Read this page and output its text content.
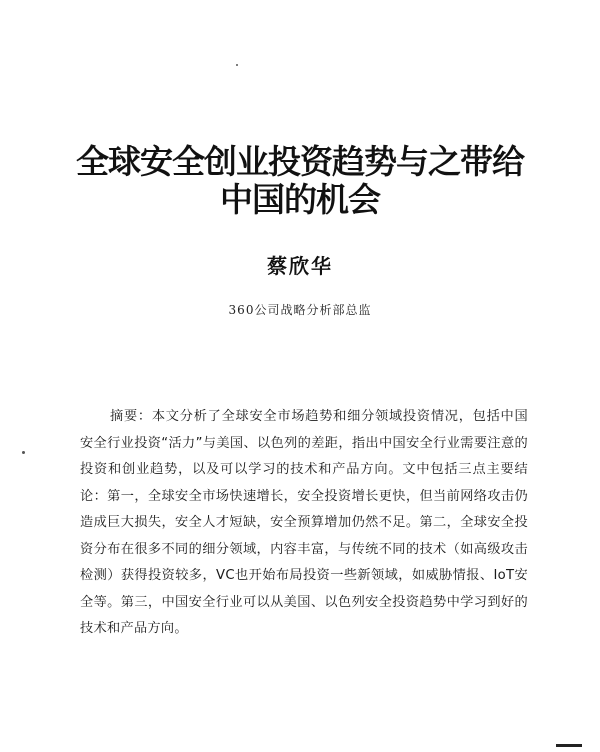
全球安全创业投资趋势与之带给
中国的机会
蔡欣华
360公司战略分析部总监

摘要：本文分析了全球安全市场趋势和细分领域投资情况，包括中国安全行业投资“活力”与美国、以色列的差距，指出中国安全行业需要注意的投资和创业趋势，以及可以学习的技术和产品方向。文中包括三点主要结论：第一，全球安全市场快速增长，安全投资增长更快，但当前网络攻击仍造成巨大损失，安全人才短缺，安全预算增加仍然不足。第二，全球安全投资分布在很多不同的细分领域，内容丰富，与传统不同的技术（如高级攻击检测）获得投资较多，VC也开始布局投资一些新领域，如威胁情报、IoT安全等。第三，中国安全行业可以从美国、以色列安全投资趋势中学习到好的技术和产品方向。
